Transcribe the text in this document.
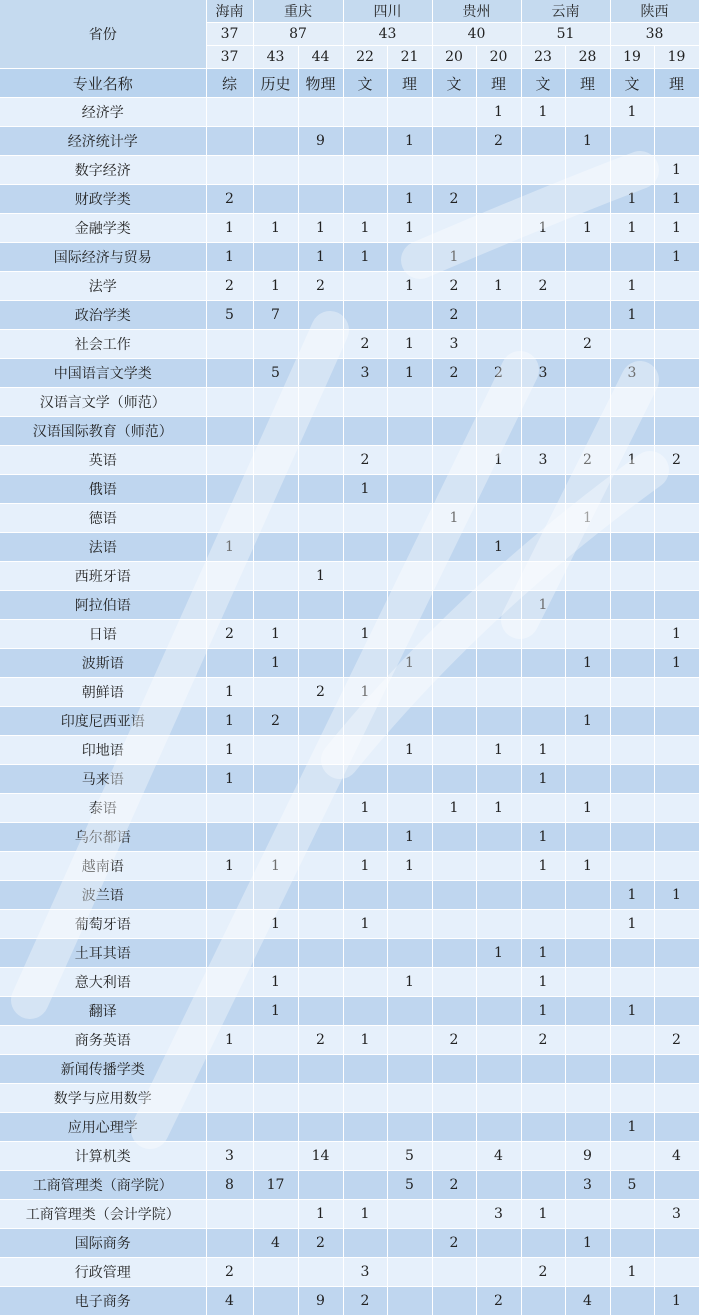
省份	海南	重庆		四川		贵州		云南		陕西	
	37	87		43		40		51		38	
	37	43	44	22	21	20	20	23	28	19	19
专业名称	综	历史	物理	文	理	文	理	文	理	文	理
经济学							1	1		1	
经济统计学			9		1		2		1		
数字经济											1
财政学类	2				1	2				1	1
金融学类	1	1	1	1	1			1	1	1	1
国际经济与贸易	1		1	1		1					1
法学	2	1	2		1	2	1	2		1	
政治学类	5	7				2				1	
社会工作				2	1	3			2		
中国语言文学类		5		3	1	2	2	3		3	
汉语言文学（师范）											
汉语国际教育（师范）											
英语				2			1	3	2	1	2
俄语				1							
德语						1			1		
法语	1						1				
西班牙语			1								
阿拉伯语								1			
日语	2	1		1							1
波斯语		1			1				1		1
朝鲜语	1		2	1							
印度尼西亚语	1	2							1		
印地语	1				1		1	1			
马来语	1							1			
泰语				1		1	1		1		
乌尔都语					1			1			
越南语	1	1		1	1			1	1		
波兰语										1	1
葡萄牙语		1		1						1	
土耳其语							1	1			
意大利语		1			1			1			
翻译		1						1		1	
商务英语	1		2	1		2		2			2
新闻传播学类											
数学与应用数学											
应用心理学										1	
计算机类	3		14		5		4		9		4
工商管理类（商学院）	8	17			5	2			3	5	
工商管理类（会计学院）			1	1			3	1			3
国际商务		4	2			2			1		
行政管理	2			3				2		1	
电子商务	4		9	2			2		4		1
